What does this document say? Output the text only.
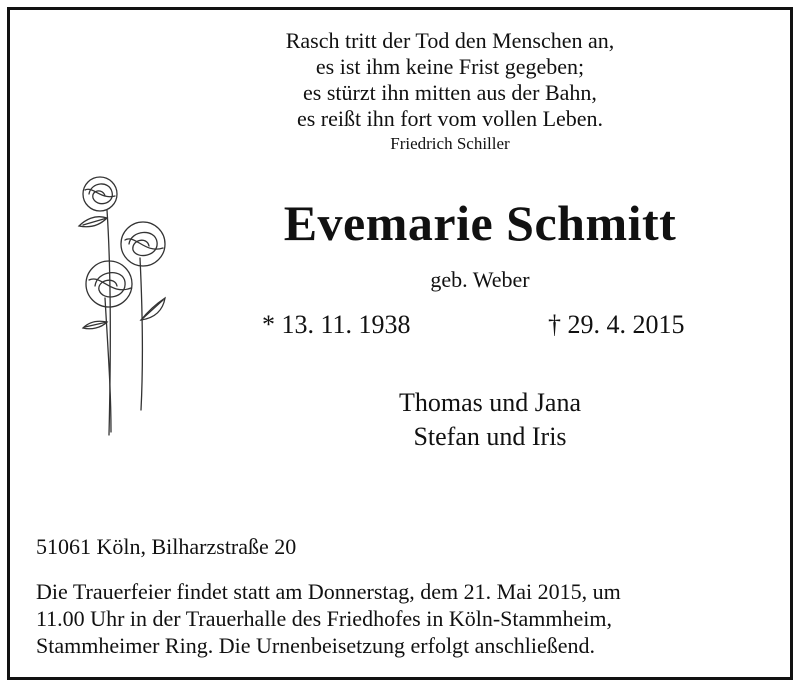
Rasch tritt der Tod den Menschen an,
es ist ihm keine Frist gegeben;
es stürzt ihn mitten aus der Bahn,
es reißt ihn fort vom vollen Leben.
Friedrich Schiller
Evemarie Schmitt
geb. Weber
* 13. 11. 1938	† 29. 4. 2015
Thomas und Jana
Stefan und Iris
51061 Köln, Bilharzstraße 20
Die Trauerfeier findet statt am Donnerstag, dem 21. Mai 2015, um
11.00 Uhr in der Trauerhalle des Friedhofes in Köln-Stammheim,
Stammheimer Ring. Die Urnenbeisetzung erfolgt anschließend.
